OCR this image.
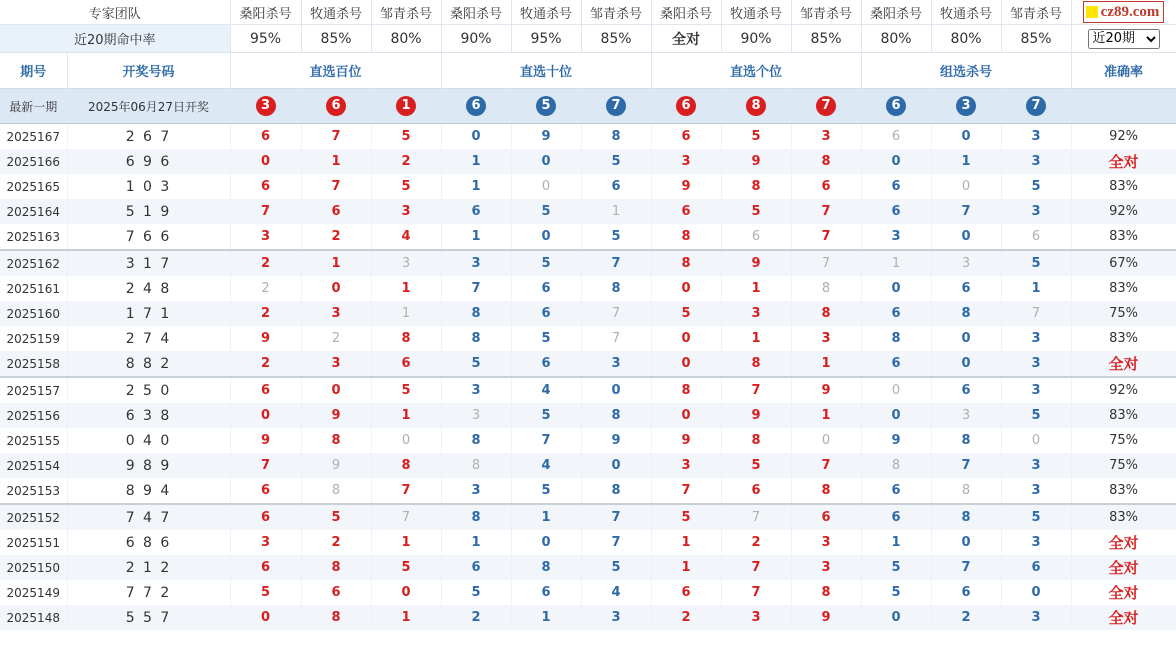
专家团队		桑阳杀号	牧通杀号	邹青杀号	桑阳杀号	牧通杀号	邹青杀号	桑阳杀号	牧通杀号	邹青杀号	桑阳杀号	牧通杀号	邹青杀号	cz89.com

近20期命中率		95%	85%	80%	90%	95%	85%	全对	90%	85%	80%	80%	85%	
近20期
期号	开奖号码	直选百位			直选十位			直选个位			组选杀号			准确率
最新一期	2025年06月27日开奖	3	6	1	6	5	7	6	8	7	6	3	7	
2025167	2 6 7	6	7	5	0	9	8	6	5	3	6	0	3	92%
2025166	6 9 6	0	1	2	1	0	5	3	9	8	0	1	3	全对
2025165	1 0 3	6	7	5	1	0	6	9	8	6	6	0	5	83%
2025164	5 1 9	7	6	3	6	5	1	6	5	7	6	7	3	92%
2025163	7 6 6	3	2	4	1	0	5	8	6	7	3	0	6	83%
2025162	3 1 7	2	1	3	3	5	7	8	9	7	1	3	5	67%
2025161	2 4 8	2	0	1	7	6	8	0	1	8	0	6	1	83%
2025160	1 7 1	2	3	1	8	6	7	5	3	8	6	8	7	75%
2025159	2 7 4	9	2	8	8	5	7	0	1	3	8	0	3	83%
2025158	8 8 2	2	3	6	5	6	3	0	8	1	6	0	3	全对
2025157	2 5 0	6	0	5	3	4	0	8	7	9	0	6	3	92%
2025156	6 3 8	0	9	1	3	5	8	0	9	1	0	3	5	83%
2025155	0 4 0	9	8	0	8	7	9	9	8	0	9	8	0	75%
2025154	9 8 9	7	9	8	8	4	0	3	5	7	8	7	3	75%
2025153	8 9 4	6	8	7	3	5	8	7	6	8	6	8	3	83%
2025152	7 4 7	6	5	7	8	1	7	5	7	6	6	8	5	83%
2025151	6 8 6	3	2	1	1	0	7	1	2	3	1	0	3	全对
2025150	2 1 2	6	8	5	6	8	5	1	7	3	5	7	6	全对
2025149	7 7 2	5	6	0	5	6	4	6	7	8	5	6	0	全对
2025148	5 5 7	0	8	1	2	1	3	2	3	9	0	2	3	全对
